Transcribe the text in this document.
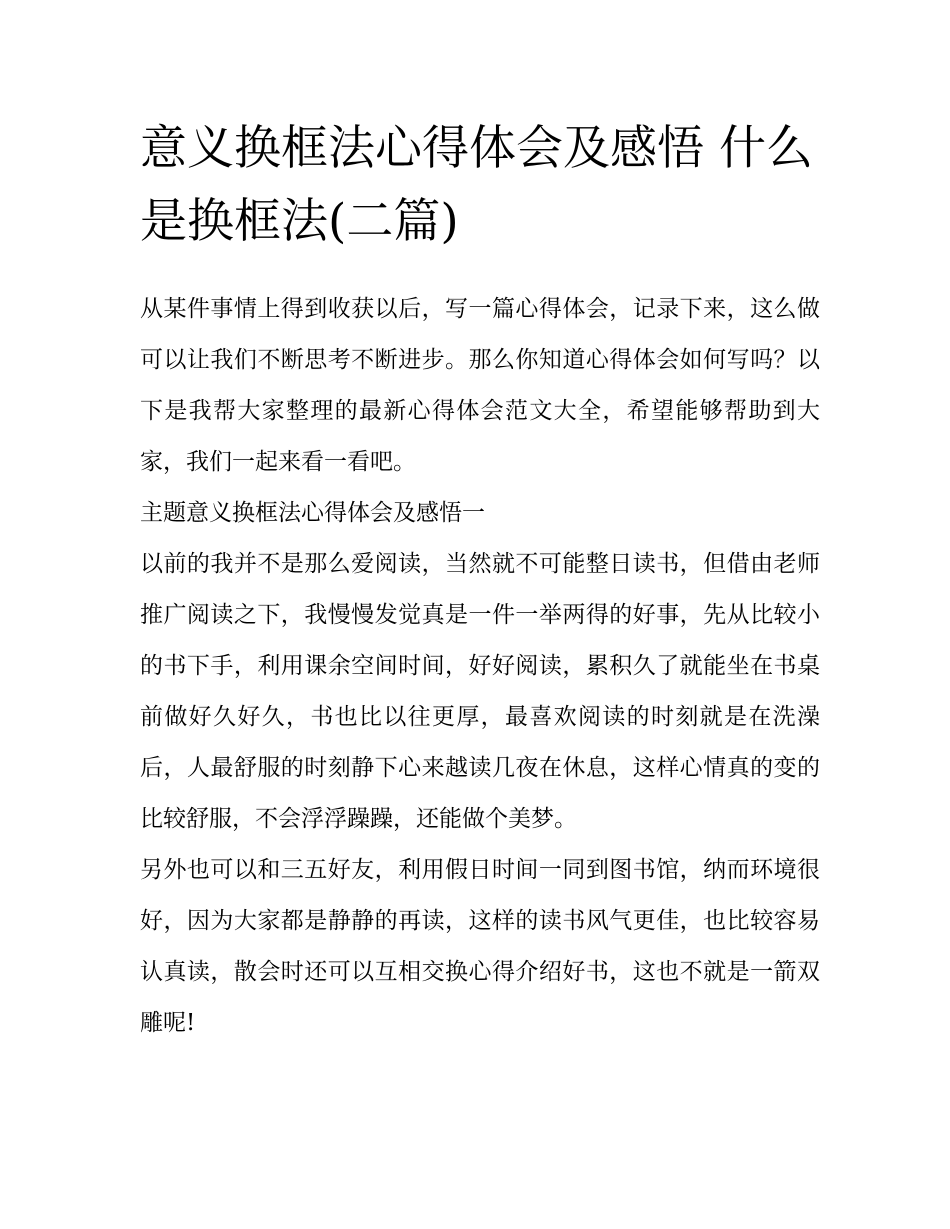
意义换框法心得体会及感悟 什么是换框法(二篇)

从某件事情上得到收获以后，写一篇心得体会，记录下来，这么做可以让我们不断思考不断进步。那么你知道心得体会如何写吗？以下是我帮大家整理的最新心得体会范文大全，希望能够帮助到大家，我们一起来看一看吧。

主题意义换框法心得体会及感悟一

以前的我并不是那么爱阅读，当然就不可能整日读书，但借由老师推广阅读之下，我慢慢发觉真是一件一举两得的好事，先从比较小的书下手，利用课余空间时间，好好阅读，累积久了就能坐在书桌前做好久好久，书也比以往更厚，最喜欢阅读的时刻就是在洗澡后，人最舒服的时刻静下心来越读几夜在休息，这样心情真的变的比较舒服，不会浮浮躁躁，还能做个美梦。

另外也可以和三五好友，利用假日时间一同到图书馆，纳而环境很好，因为大家都是静静的再读，这样的读书风气更佳，也比较容易认真读，散会时还可以互相交换心得介绍好书，这也不就是一箭双雕呢!
